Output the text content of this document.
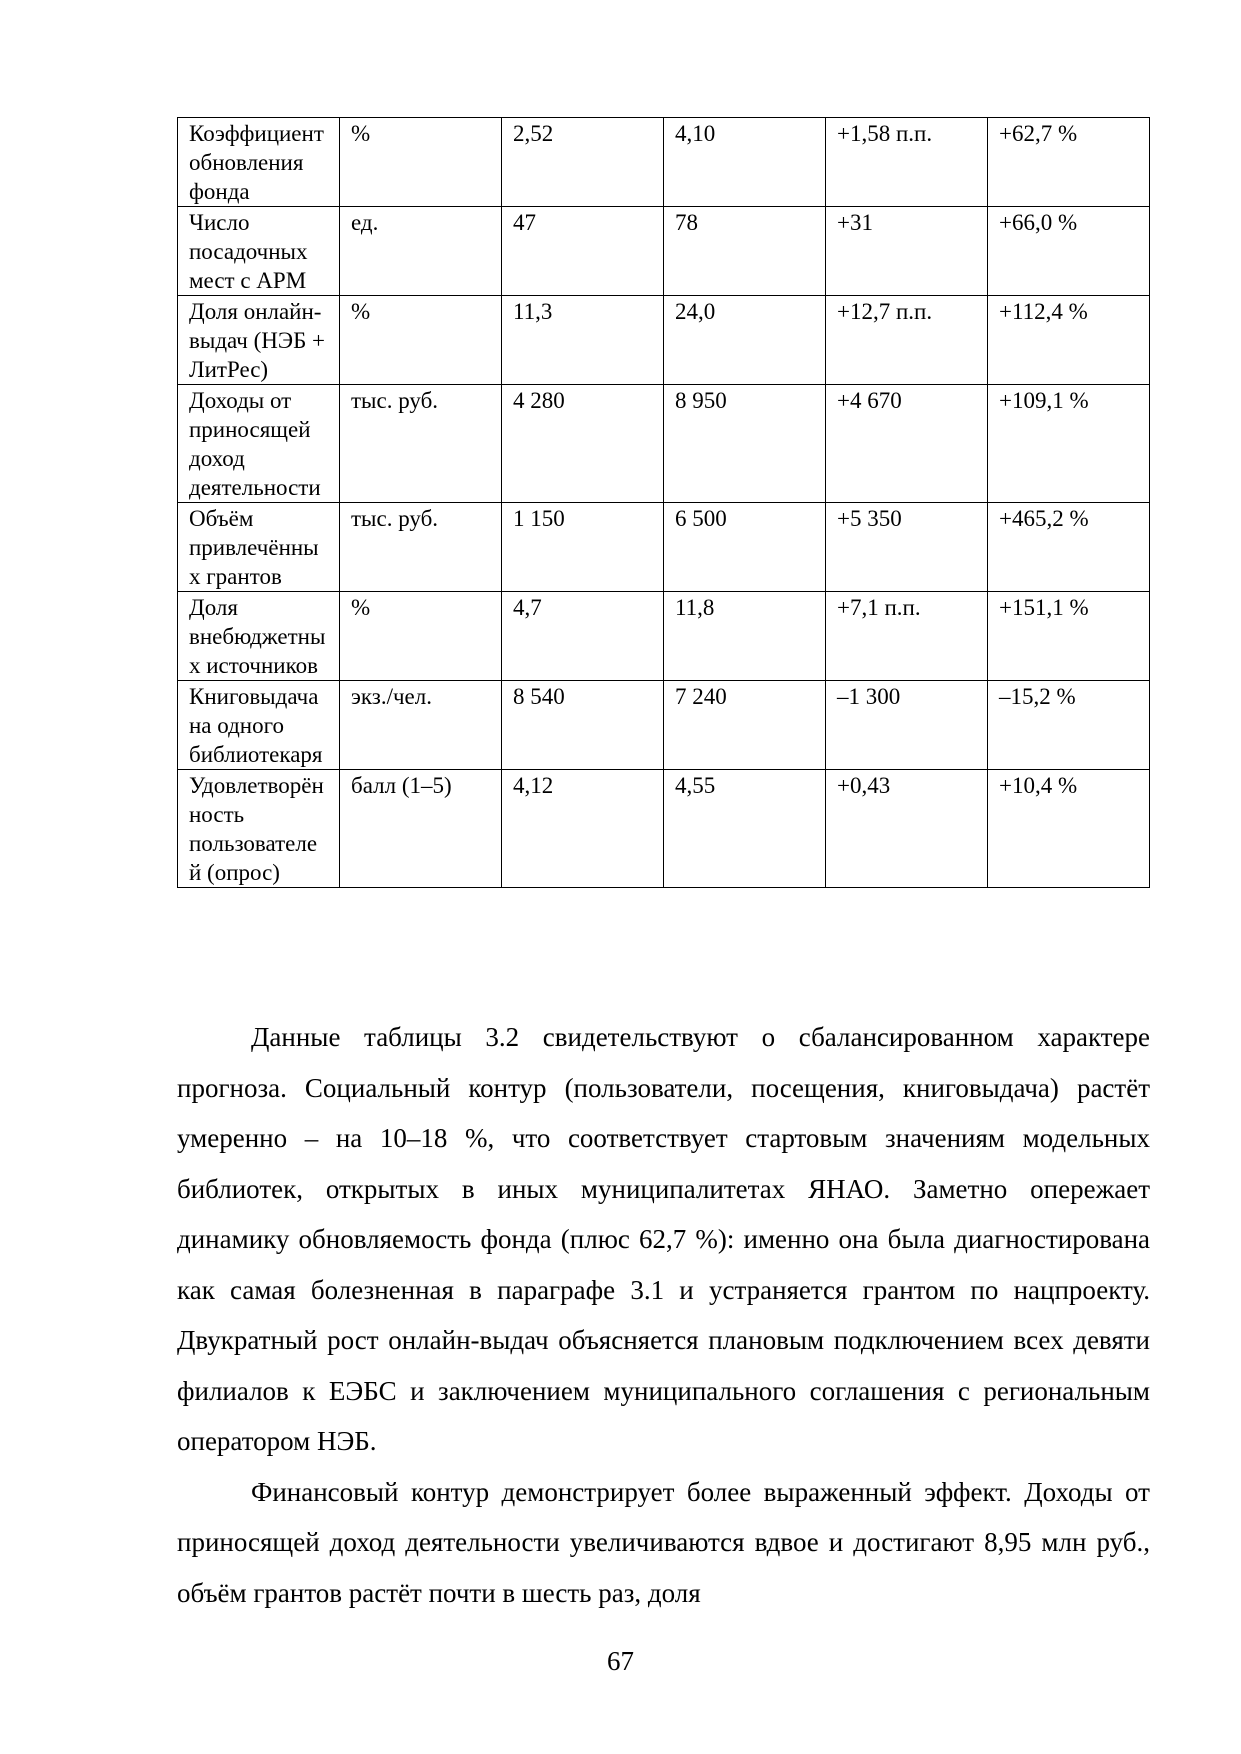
Коэффициент обновления фонда	%	2,52	4,10	+1,58 п.п.	+62,7 %
Число посадочных мест с АРМ	ед.	47	78	+31	+66,0 %
Доля онлайн-выдач (НЭБ + ЛитРес)	%	11,3	24,0	+12,7 п.п.	+112,4 %
Доходы от приносящей доход деятельности	тыс. руб.	4 280	8 950	+4 670	+109,1 %
Объём привлечённых грантов	тыс. руб.	1 150	6 500	+5 350	+465,2 %
Доля внебюджетных источников	%	4,7	11,8	+7,1 п.п.	+151,1 %
Книговыдача на одного библиотекаря	экз./чел.	8 540	7 240	–1 300	–15,2 %
Удовлетворённость пользователей (опрос)	балл (1–5)	4,12	4,55	+0,43	+10,4 %

Данные таблицы 3.2 свидетельствуют о сбалансированном характере прогноза. Социальный контур (пользователи, посещения, книговыдача) растёт умеренно – на 10–18 %, что соответствует стартовым значениям модельных библиотек, открытых в иных муниципалитетах ЯНАО. Заметно опережает динамику обновляемость фонда (плюс 62,7 %): именно она была диагностирована как самая болезненная в параграфе 3.1 и устраняется грантом по нацпроекту. Двукратный рост онлайн-выдач объясняется плановым подключением всех девяти филиалов к ЕЭБС и заключением муниципального соглашения с региональным оператором НЭБ.

Финансовый контур демонстрирует более выраженный эффект. Доходы от приносящей доход деятельности увеличиваются вдвое и достигают 8,95 млн руб., объём грантов растёт почти в шесть раз, доля

67
